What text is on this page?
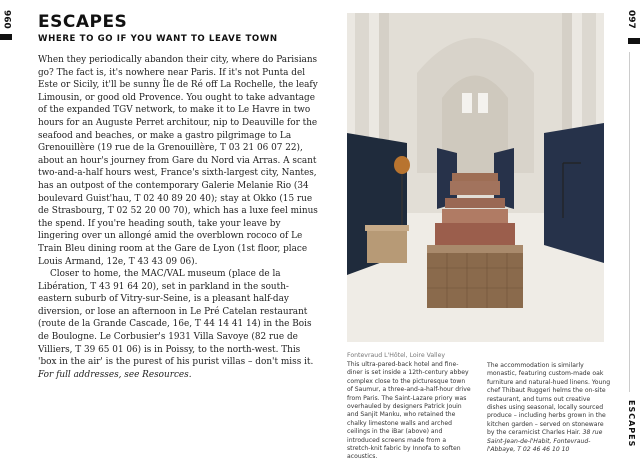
096 ESCAPES
WHERE TO GO IF YOU WANT TO LEAVE TOWN

When they periodically abandon their city, where do Parisians go? The fact is, it's nowhere near Paris. If it's not Punta del Este or Sicily, it'll be sunny Île de Ré off La Rochelle, the leafy Limousin, or good old Provence. You ought to take advantage of the expanded TGV network, to make it to Le Havre in two hours for an Auguste Perret architour, nip to Deauville for the seafood and beaches, or make a gastro pilgrimage to La Grenouillère (19 rue de la Grenouillère, T 03 21 06 07 22), about an hour's journey from Gare du Nord via Arras. A scant two-and-a-half hours west, France's sixth-largest city, Nantes, has an outpost of the contemporary Galerie Melanie Rio (34 boulevard Guist'hau, T 02 40 89 20 40); stay at Okko (15 rue de Strasbourg, T 02 52 20 00 70), which has a luxe feel minus the spend. If you're heading south, take your leave by lingering over un allongé amid the overblown rococo of Le Train Bleu dining room at the Gare de Lyon (1st floor, place Louis Armand, 12e, T 43 43 09 06).

Closer to home, the MAC/VAL museum (place de la Libération, T 43 91 64 20), set in parkland in the south-eastern suburb of Vitry-sur-Seine, is a pleasant half-day diversion, or lose an afternoon in Le Pré Catelan restaurant (route de la Grande Cascade, 16e, T 44 14 41 14) in the Bois de Boulogne. Le Corbusier's 1931 Villa Savoye (82 rue de Villiers, T 39 65 01 06) is in Poissy, to the north-west. This 'box in the air' is the purest of his purist villas – don't miss it.

For full addresses, see Resources.

Fontevraud L'Hôtel, Loire Valley

This ultra-pared-back hotel and fine-diner is set inside a 12th-century abbey complex close to the picturesque town of Saumur, a three-and-a-half-hour drive from Paris. The Saint-Lazare priory was overhauled by designers Patrick Jouin and Sanjit Manku, who retained the chalky limestone walls and arched ceilings in the iBar (above) and introduced screens made from a stretch-knit fabric by Innofa to soften acoustics.

The accommodation is similarly monastic, featuring custom-made oak furniture and natural-hued linens. Young chef Thibaut Ruggeri helms the on-site restaurant, and turns out creative dishes using seasonal, locally sourced produce – including herbs grown in the kitchen garden – served on stoneware by the ceramicist Charles Hair. 38 rue Saint-Jean-de-l'Habit, Fontevraud-l'Abbaye, T 02 46 46 10 10

097
ESCAPES
